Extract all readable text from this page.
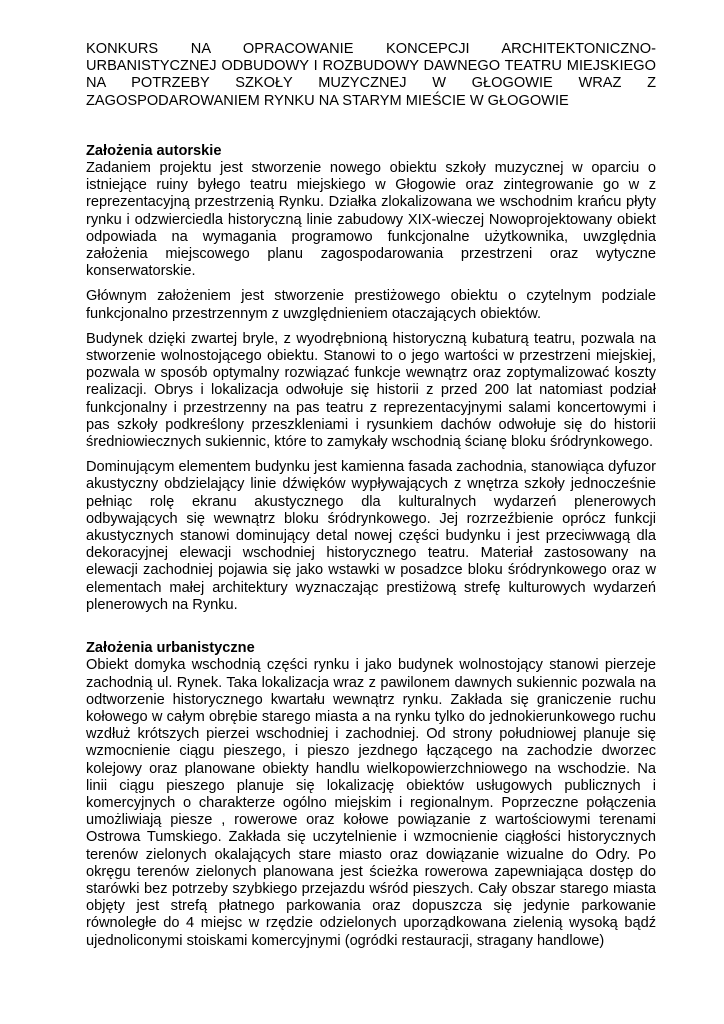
KONKURS NA OPRACOWANIE KONCEPCJI ARCHITEKTONICZNO-URBANISTYCZNEJ ODBUDOWY I ROZBUDOWY DAWNEGO TEATRU MIEJSKIEGO NA POTRZEBY SZKOŁY MUZYCZNEJ W GŁOGOWIE WRAZ Z ZAGOSPODAROWANIEM RYNKU NA STARYM MIEŚCIE W GŁOGOWIE

Założenia autorskie

Zadaniem projektu jest stworzenie nowego obiektu szkoły muzycznej w oparciu o istniejące ruiny byłego teatru miejskiego w Głogowie oraz zintegrowanie go w z reprezentacyjną przestrzenią Rynku. Działka zlokalizowana we wschodnim krańcu płyty rynku i odzwierciedla historyczną linie zabudowy XIX-wieczej Nowoprojektowany obiekt odpowiada na wymagania programowo funkcjonalne użytkownika, uwzględnia założenia miejscowego planu zagospodarowania przestrzeni oraz wytyczne konserwatorskie.

Głównym założeniem jest stworzenie prestiżowego obiektu o czytelnym podziale funkcjonalno przestrzennym z uwzględnieniem otaczających obiektów.

Budynek dzięki zwartej bryle, z wyodrębnioną historyczną kubaturą teatru, pozwala na stworzenie wolnostojącego obiektu. Stanowi to o jego wartości w przestrzeni miejskiej, pozwala w sposób optymalny rozwiązać funkcje wewnątrz oraz zoptymalizować koszty realizacji. Obrys i lokalizacja odwołuje się historii z przed 200 lat natomiast podział funkcjonalny i przestrzenny na pas teatru z reprezentacyjnymi salami koncertowymi i pas szkoły podkreślony przeszkleniami i rysunkiem dachów odwołuje się do historii średniowiecznych sukiennic, które to zamykały wschodnią ścianę bloku śródrynkowego.

Dominującym elementem budynku jest kamienna fasada zachodnia, stanowiąca dyfuzor akustyczny obdzielający linie dźwięków wypływających z wnętrza szkoły jednocześnie pełniąc rolę ekranu akustycznego dla kulturalnych wydarzeń plenerowych odbywających się wewnątrz bloku śródrynkowego. Jej rozrzeźbienie oprócz funkcji akustycznych stanowi dominujący detal nowej części budynku i jest przeciwwagą dla dekoracyjnej elewacji wschodniej historycznego teatru. Materiał zastosowany na elewacji zachodniej pojawia się jako wstawki w posadzce bloku śródrynkowego oraz w elementach małej architektury wyznaczając prestiżową strefę kulturowych wydarzeń plenerowych na Rynku.

Założenia urbanistyczne

Obiekt domyka wschodnią części rynku i jako budynek wolnostojący stanowi pierzeje zachodnią ul. Rynek. Taka lokalizacja wraz z pawilonem dawnych sukiennic pozwala na odtworzenie historycznego kwartału wewnątrz rynku. Zakłada się graniczenie ruchu kołowego w całym obrębie starego miasta a na rynku tylko do jednokierunkowego ruchu wzdłuż krótszych pierzei wschodniej i zachodniej. Od strony południowej planuje się wzmocnienie ciągu pieszego, i pieszo jezdnego łączącego na zachodzie dworzec kolejowy oraz planowane obiekty handlu wielkopowierzchniowego na wschodzie. Na linii ciągu pieszego planuje się lokalizację obiektów usługowych publicznych i komercyjnych o charakterze ogólno miejskim i regionalnym. Poprzeczne połączenia umożliwiają piesze , rowerowe oraz kołowe powiązanie z wartościowymi terenami Ostrowa Tumskiego. Zakłada się uczytelnienie i wzmocnienie ciągłości historycznych terenów zielonych okalających stare miasto oraz dowiązanie wizualne do Odry. Po okręgu terenów zielonych planowana jest ścieżka rowerowa zapewniająca dostęp do starówki bez potrzeby szybkiego przejazdu wśród pieszych. Cały obszar starego miasta objęty jest strefą płatnego parkowania oraz dopuszcza się jedynie parkowanie równoległe do 4 miejsc w rzędzie odzielonych uporządkowana zielenią wysoką bądź ujednoliconymi stoiskami komercyjnymi (ogródki restauracji, stragany handlowe)
